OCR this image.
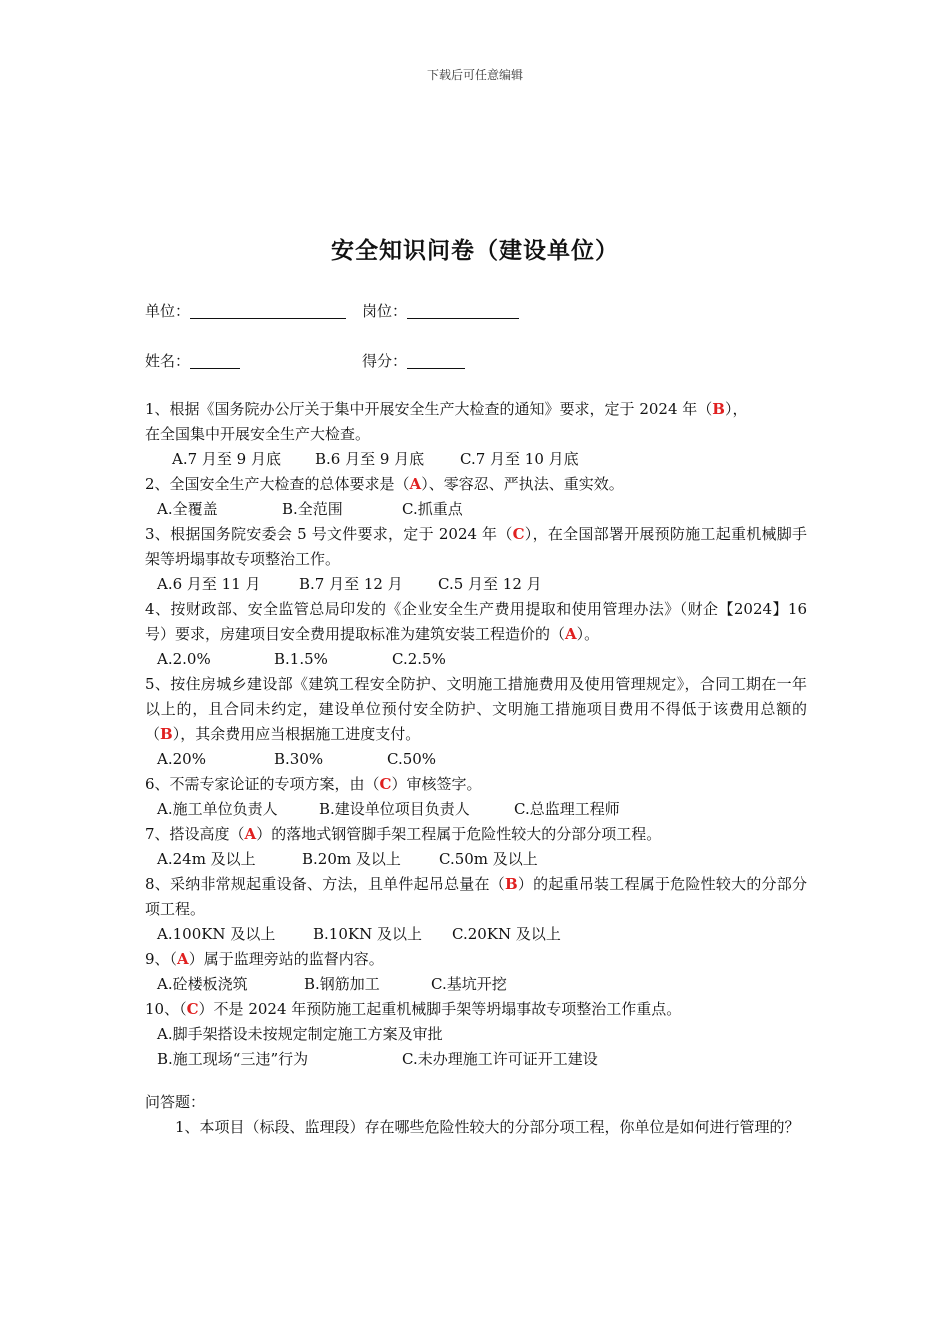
下载后可任意编辑
安全知识问卷（建设单位）
单位：	岗位：
姓名：	得分：
1、根据《国务院办公厅关于集中开展安全生产大检查的通知》要求，定于 2024 年（B），
在全国集中开展安全生产大检查。
A.7 月至 9 月底 B.6 月至 9 月底 C.7 月至 10 月底
2、全国安全生产大检查的总体要求是（A）、零容忍、严执法、重实效。
A.全覆盖	B.全范围	C.抓重点
3、根据国务院安委会 5 号文件要求，定于 2024 年（C），在全国部署开展预防施工起重机械脚手架等坍塌事故专项整治工作。
A.6 月至 11 月	B.7 月至 12 月 C.5 月至 12 月
4、按财政部、安全监管总局印发的《企业安全生产费用提取和使用管理办法》（财企【2024】16 号）要求，房建项目安全费用提取标准为建筑安装工程造价的（A）。
A.2.0%	B.1.5%	C.2.5%
5、按住房城乡建设部《建筑工程安全防护、文明施工措施费用及使用管理规定》，合同工期在一年以上的，且合同未约定，建设单位预付安全防护、文明施工措施项目费用不得低于该费用总额的（B），其余费用应当根据施工进度支付。
A.20%	B.30%	C.50%
6、不需专家论证的专项方案，由（C）审核签字。
A.施工单位负责人	B.建设单位项目负责人	C.总监理工程师
7、搭设高度（A）的落地式钢管脚手架工程属于危险性较大的分部分项工程。
A.24m 及以上	B.20m 及以上	C.50m 及以上
8、采纳非常规起重设备、方法，且单件起吊总量在（B）的起重吊装工程属于危险性较大的分部分项工程。
A.100KN 及以上	B.10KN 及以上 C.20KN 及以上
9、（A）属于监理旁站的监督内容。
A.砼楼板浇筑	B.钢筋加工	C.基坑开挖
10、（C）不是 2024 年预防施工起重机械脚手架等坍塌事故专项整治工作重点。
A.脚手架搭设未按规定制定施工方案及审批
B.施工现场“三违”行为	C.未办理施工许可证开工建设
问答题：
1、本项目（标段、监理段）存在哪些危险性较大的分部分项工程，你单位是如何进行管理的？
